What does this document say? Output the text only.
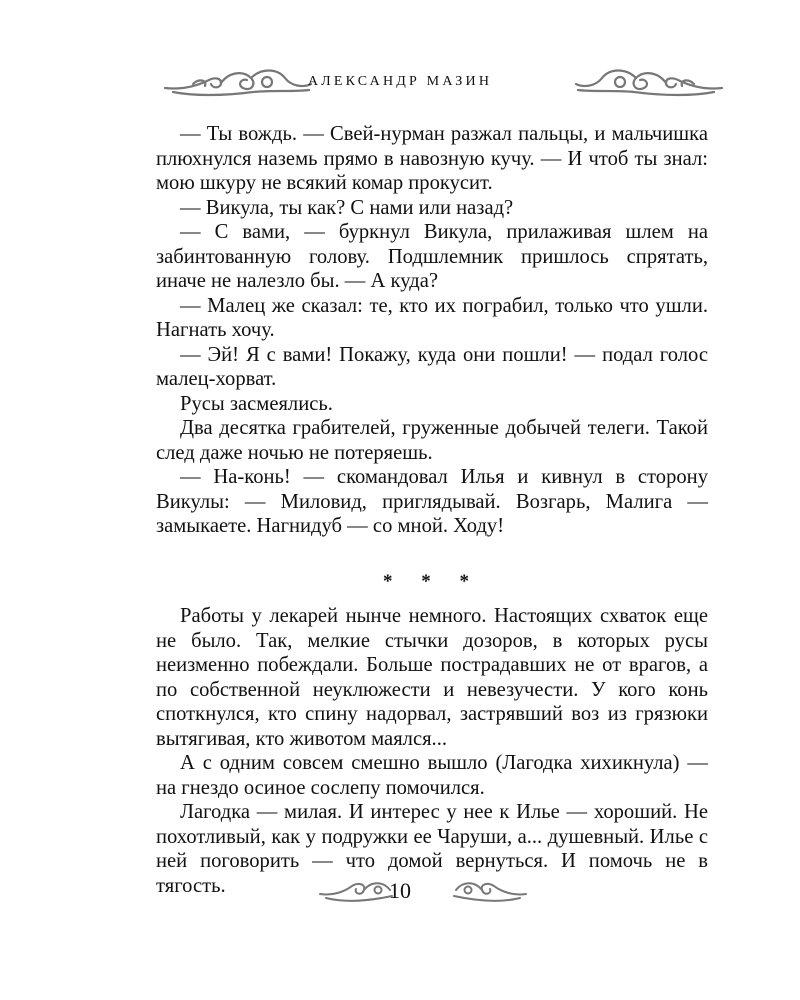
АЛЕКСАНДР МАЗИН

— Ты вождь. — Свей-нурман разжал пальцы, и мальчишка плюхнулся наземь прямо в навозную кучу. — И чтоб ты знал: мою шкуру не всякий комар прокусит.

— Викула, ты как? С нами или назад?

— С вами, — буркнул Викула, прилаживая шлем на забинтованную голову. Подшлемник пришлось спрятать, иначе не налезло бы. — А куда?

— Малец же сказал: те, кто их пограбил, только что ушли. Нагнать хочу.

— Эй! Я с вами! Покажу, куда они пошли! — подал голос малец-хорват.

Русы засмеялись.

Два десятка грабителей, груженные добычей телеги. Такой след даже ночью не потеряешь.

— На-конь! — скомандовал Илья и кивнул в сторону Викулы: — Миловид, приглядывай. Возгарь, Малига — замыкаете. Нагнидуб — со мной. Ходу!

* * *

Работы у лекарей нынче немного. Настоящих схваток еще не было. Так, мелкие стычки дозоров, в которых русы неизменно побеждали. Больше пострадавших не от врагов, а по собственной неуклюжести и невезучести. У кого конь споткнулся, кто спину надорвал, застрявший воз из грязюки вытягивая, кто животом маялся...

А с одним совсем смешно вышло (Лагодка хихикнула) — на гнездо осиное сослепу помочился.

Лагодка — милая. И интерес у нее к Илье — хороший. Не похотливый, как у подружки ее Чаруши, а... душевный. Илье с ней поговорить — что домой вернуться. И помочь не в тягость.	10
